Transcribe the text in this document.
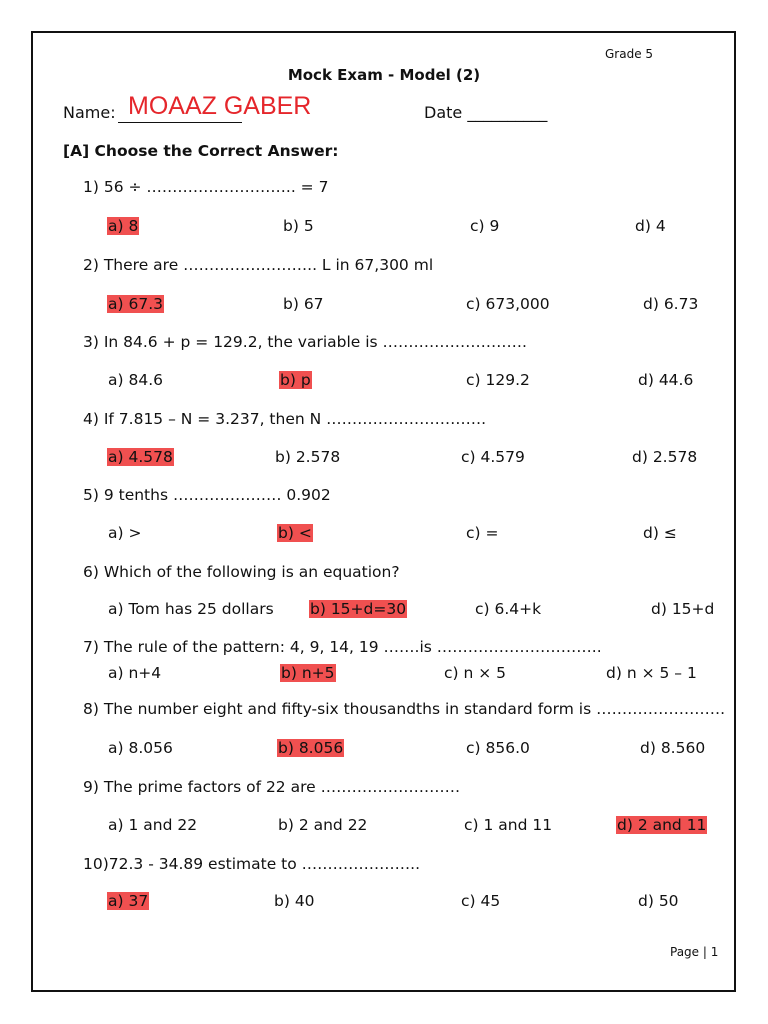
Grade 5
Mock Exam - Model (2)
Name: MOAAZ GABER	Date __________
[A] Choose the Correct Answer:
1) 56 ÷ ……………………….. = 7
a) 8	b) 5	c) 9	d) 4
2) There are …………………….. L in 67,300 ml
a) 67.3	b) 67	c) 673,000	d) 6.73
3) In 84.6 + p = 129.2, the variable is ……………………….
a) 84.6	b) p	c) 129.2	d) 44.6
4) If 7.815 – N = 3.237, then N ………………………….
a) 4.578	b) 2.578	c) 4.579	d) 2.578
5) 9 tenths ………………… 0.902
a) >	b) <	c) =	d) ≤
6) Which of the following is an equation?
a) Tom has 25 dollars b) 15+d=30	c) 6.4+k	d) 15+d
7) The rule of the pattern: 4, 9, 14, 19 …….is …………………………..
a) n+4	b) n+5	c) n × 5	d) n × 5 – 1
8) The number eight and fifty-six thousandths in standard form is …………………….
a) 8.056	b) 8.056	c) 856.0	d) 8.560
9) The prime factors of 22 are ………………………
a) 1 and 22	b) 2 and 22	c) 1 and 11	d) 2 and 11
10)72.3 - 34.89 estimate to …………………..
a) 37	b) 40	c) 45	d) 50
Page | 1
